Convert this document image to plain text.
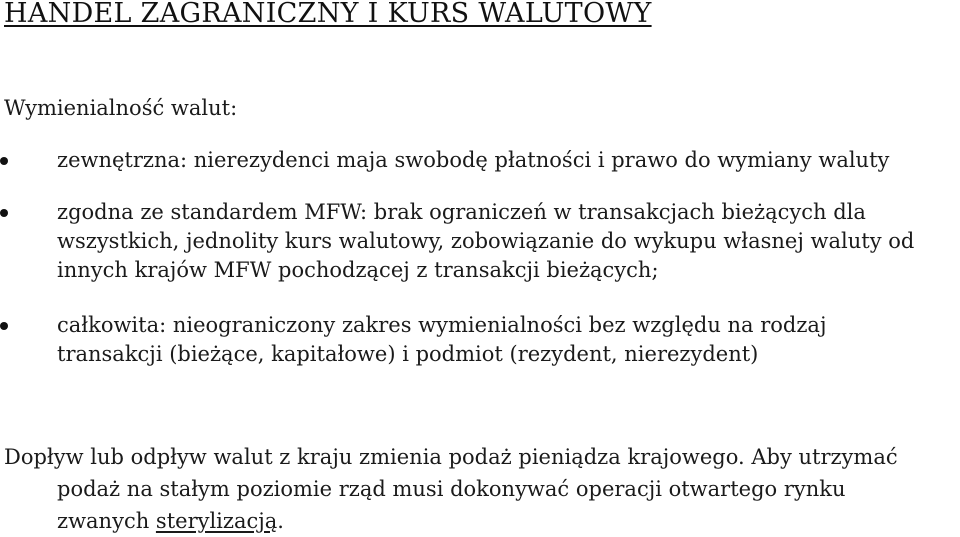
HANDEL ZAGRANICZNY I KURS WALUTOWY
Wymienialność walut:
zewnętrzna: nierezydenci maja swobodę płatności i prawo do wymiany waluty
zgodna ze standardem MFW: brak ograniczeń w transakcjach bieżących dla
wszystkich, jednolity kurs walutowy, zobowiązanie do wykupu własnej waluty od
innych krajów MFW pochodzącej z transakcji bieżących;
całkowita: nieograniczony zakres wymienialności bez względu na rodzaj
transakcji (bieżące, kapitałowe) i podmiot (rezydent, nierezydent)
Dopływ lub odpływ walut z kraju zmienia podaż pieniądza krajowego. Aby utrzymać
podaż na stałym poziomie rząd musi dokonywać operacji otwartego rynku
zwanych sterylizacją.
